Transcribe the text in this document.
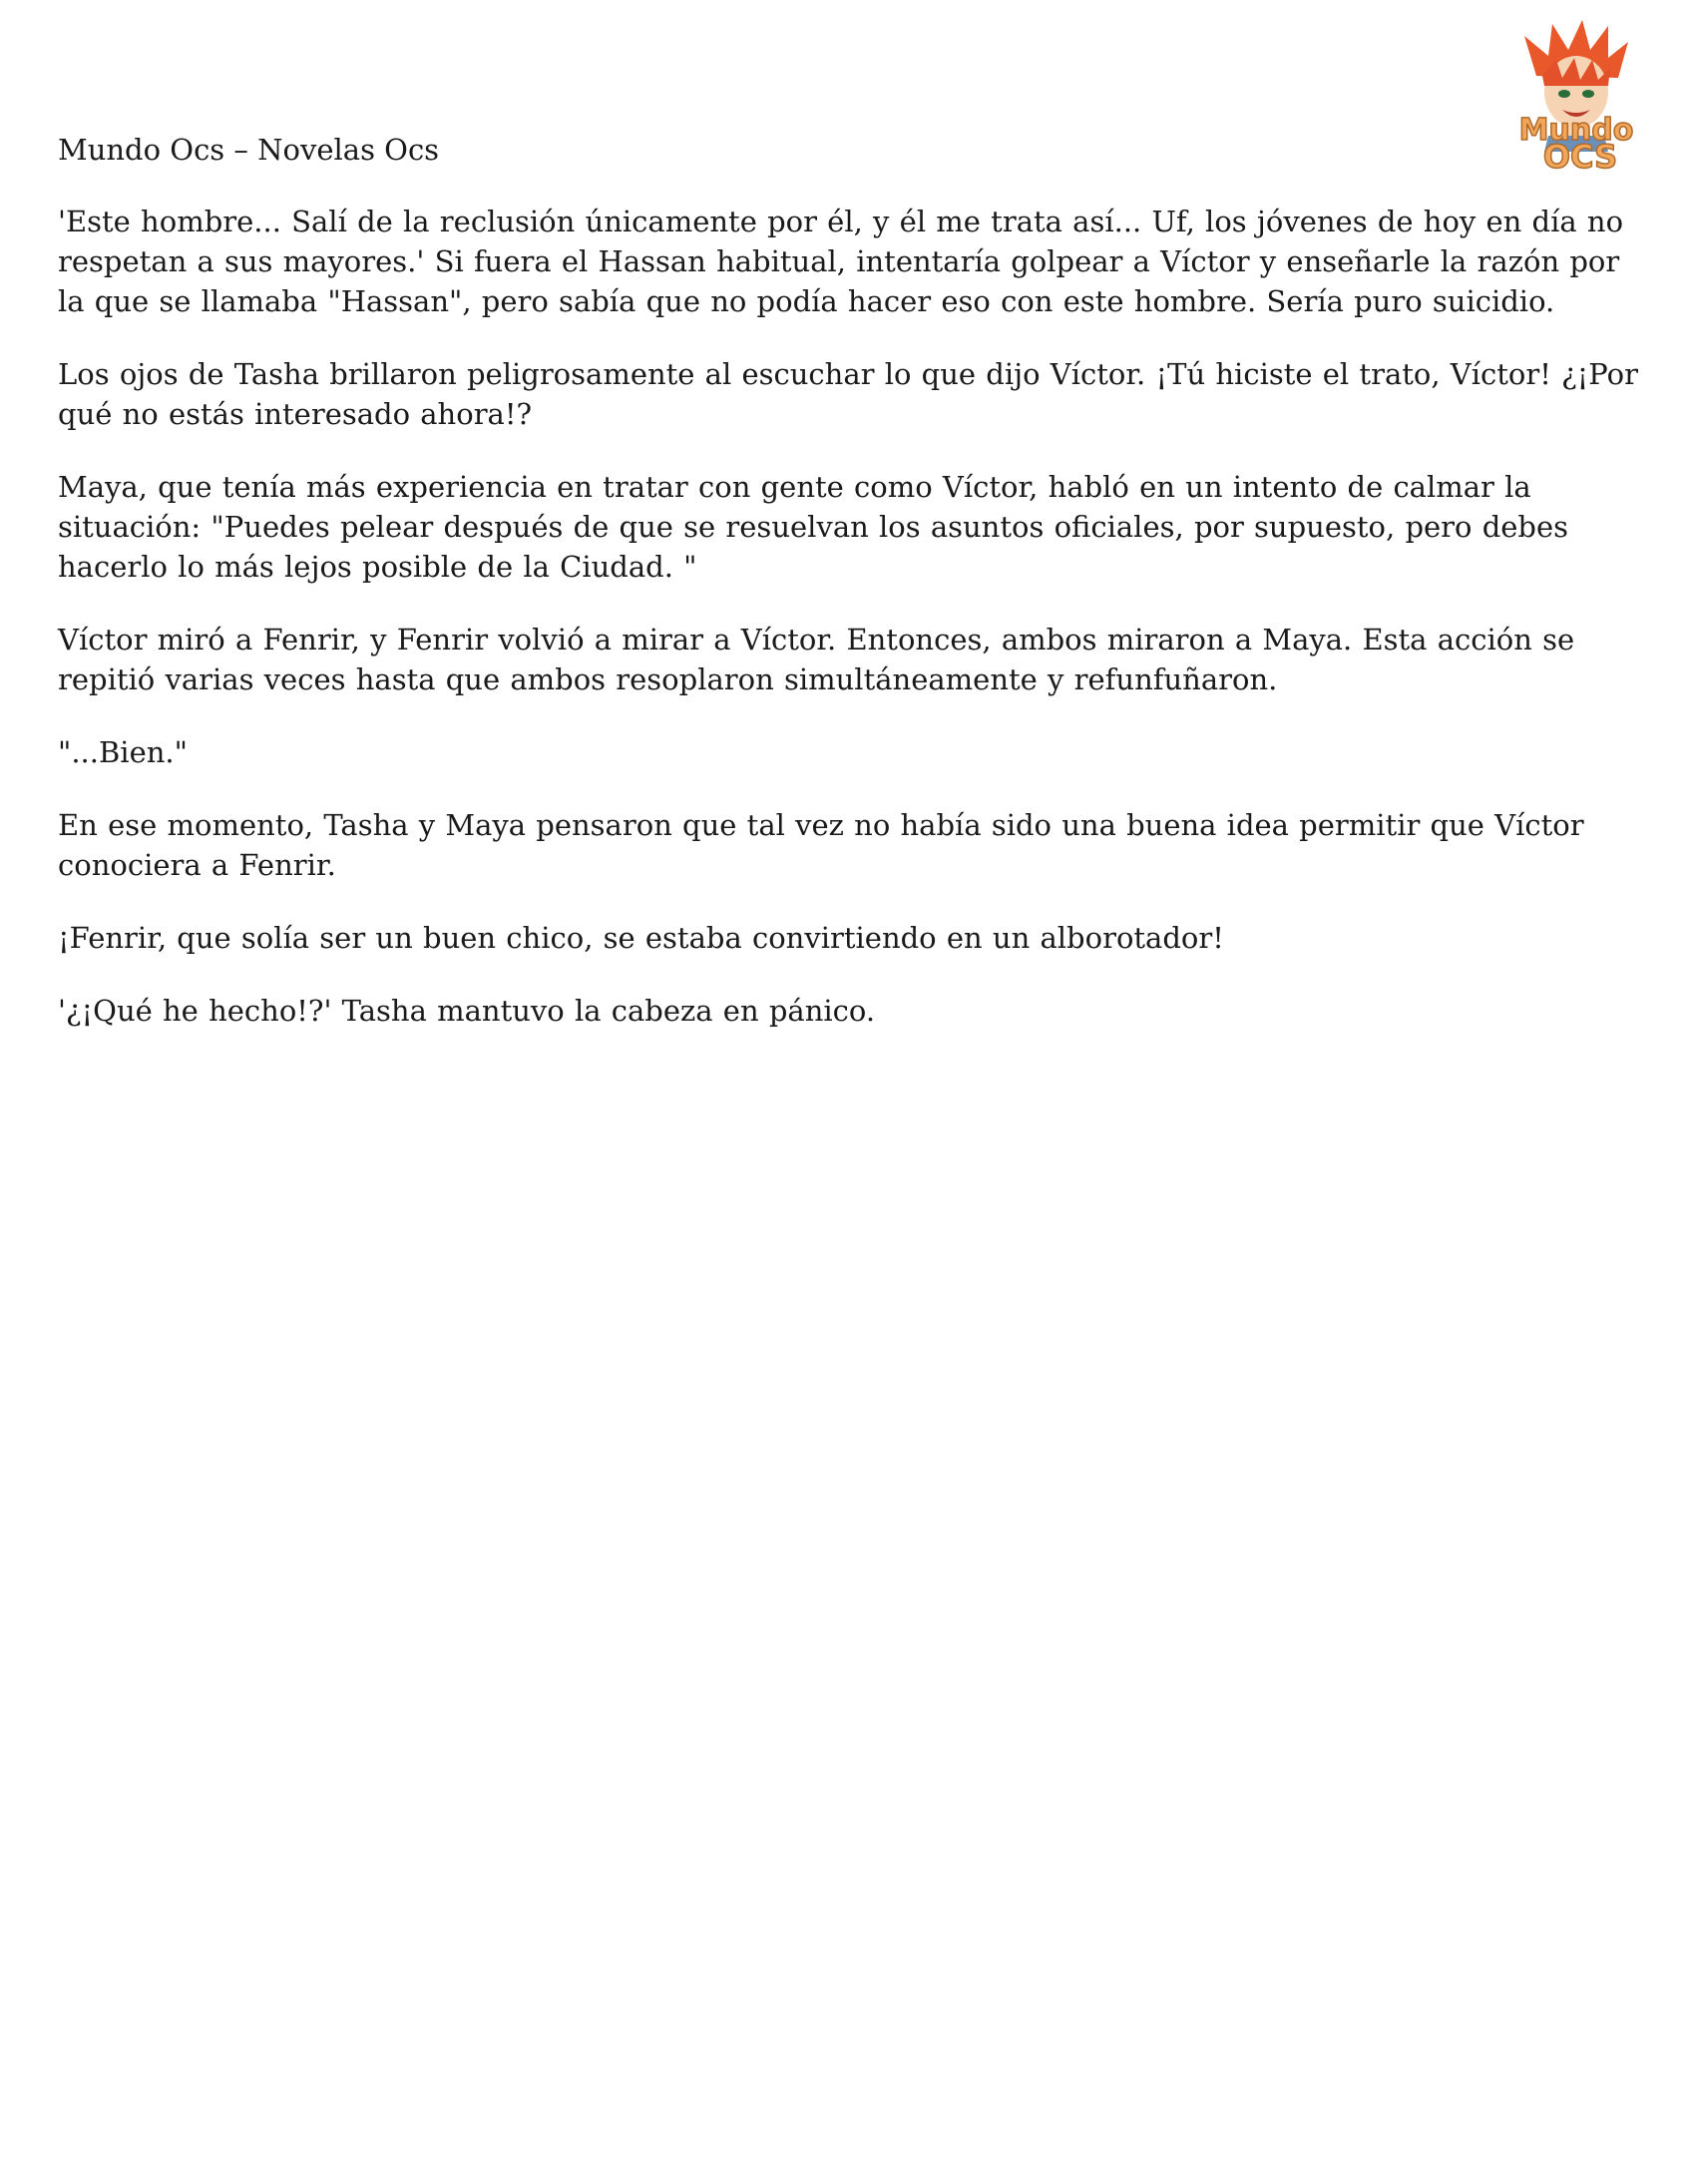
Mundo
OCS
Mundo Ocs – Novelas Ocs

'Este hombre... Salí de la reclusión únicamente por él, y él me trata así... Uf, los jóvenes de hoy en día no respetan a sus mayores.' Si fuera el Hassan habitual, intentaría golpear a Víctor y enseñarle la razón por la que se llamaba "Hassan", pero sabía que no podía hacer eso con este hombre. Sería puro suicidio.

Los ojos de Tasha brillaron peligrosamente al escuchar lo que dijo Víctor. ¡Tú hiciste el trato, Víctor! ¿¡Por qué no estás interesado ahora!?

Maya, que tenía más experiencia en tratar con gente como Víctor, habló en un intento de calmar la situación: "Puedes pelear después de que se resuelvan los asuntos oficiales, por supuesto, pero debes hacerlo lo más lejos posible de la Ciudad. "

Víctor miró a Fenrir, y Fenrir volvió a mirar a Víctor. Entonces, ambos miraron a Maya. Esta acción se repitió varias veces hasta que ambos resoplaron simultáneamente y refunfuñaron.

"...Bien."

En ese momento, Tasha y Maya pensaron que tal vez no había sido una buena idea permitir que Víctor conociera a Fenrir.

¡Fenrir, que solía ser un buen chico, se estaba convirtiendo en un alborotador!

'¿¡Qué he hecho!?' Tasha mantuvo la cabeza en pánico.
